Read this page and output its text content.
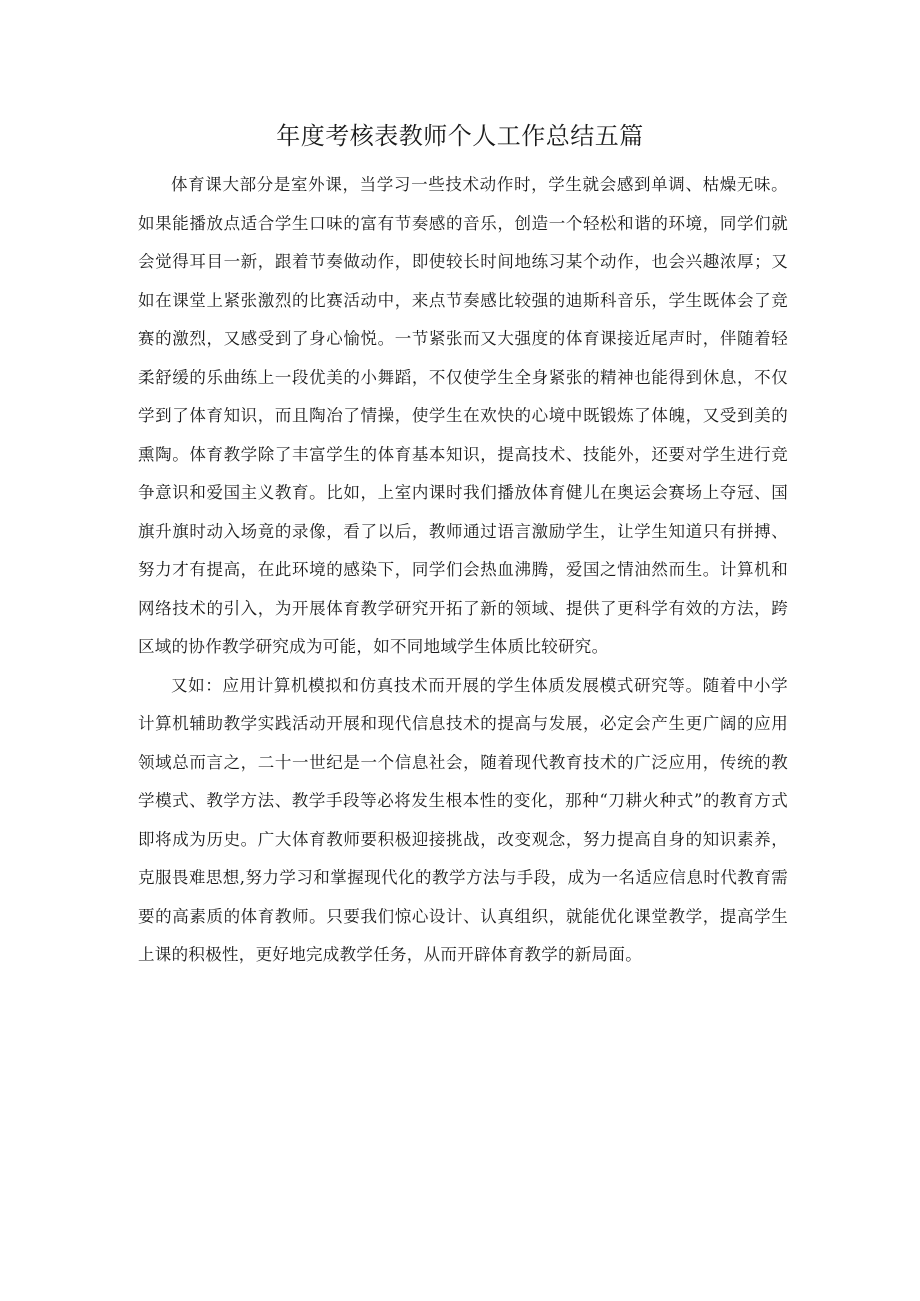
年度考核表教师个人工作总结五篇

体育课大部分是室外课，当学习一些技术动作时，学生就会感到单调、枯燥无味。如果能播放点适合学生口味的富有节奏感的音乐，创造一个轻松和谐的环境，同学们就会觉得耳目一新，跟着节奏做动作，即使较长时间地练习某个动作，也会兴趣浓厚；又如在课堂上紧张激烈的比赛活动中，来点节奏感比较强的迪斯科音乐，学生既体会了竞赛的激烈，又感受到了身心愉悦。一节紧张而又大强度的体育课接近尾声时，伴随着轻柔舒缓的乐曲练上一段优美的小舞蹈，不仅使学生全身紧张的精神也能得到休息，不仅学到了体育知识，而且陶冶了情操，使学生在欢快的心境中既锻炼了体魄，又受到美的熏陶。体育教学除了丰富学生的体育基本知识，提高技术、技能外，还要对学生进行竞争意识和爱国主义教育。比如，上室内课时我们播放体育健儿在奥运会赛场上夺冠、国旗升旗时动入场竟的录像，看了以后，教师通过语言激励学生，让学生知道只有拼搏、努力才有提高，在此环境的感染下，同学们会热血沸腾，爱国之情油然而生。计算机和网络技术的引入，为开展体育教学研究开拓了新的领域、提供了更科学有效的方法，跨区域的协作教学研究成为可能，如不同地域学生体质比较研究。

又如：应用计算机模拟和仿真技术而开展的学生体质发展模式研究等。随着中小学计算机辅助教学实践活动开展和现代信息技术的提高与发展，必定会产生更广阔的应用领域总而言之，二十一世纪是一个信息社会，随着现代教育技术的广泛应用，传统的教学模式、教学方法、教学手段等必将发生根本性的变化，那种“刀耕火种式”的教育方式即将成为历史。广大体育教师要积极迎接挑战，改变观念，努力提高自身的知识素养，克服畏难思想,努力学习和掌握现代化的教学方法与手段，成为一名适应信息时代教育需要的高素质的体育教师。只要我们惊心设计、认真组织，就能优化课堂教学，提高学生上课的积极性，更好地完成教学任务，从而开辟体育教学的新局面。
